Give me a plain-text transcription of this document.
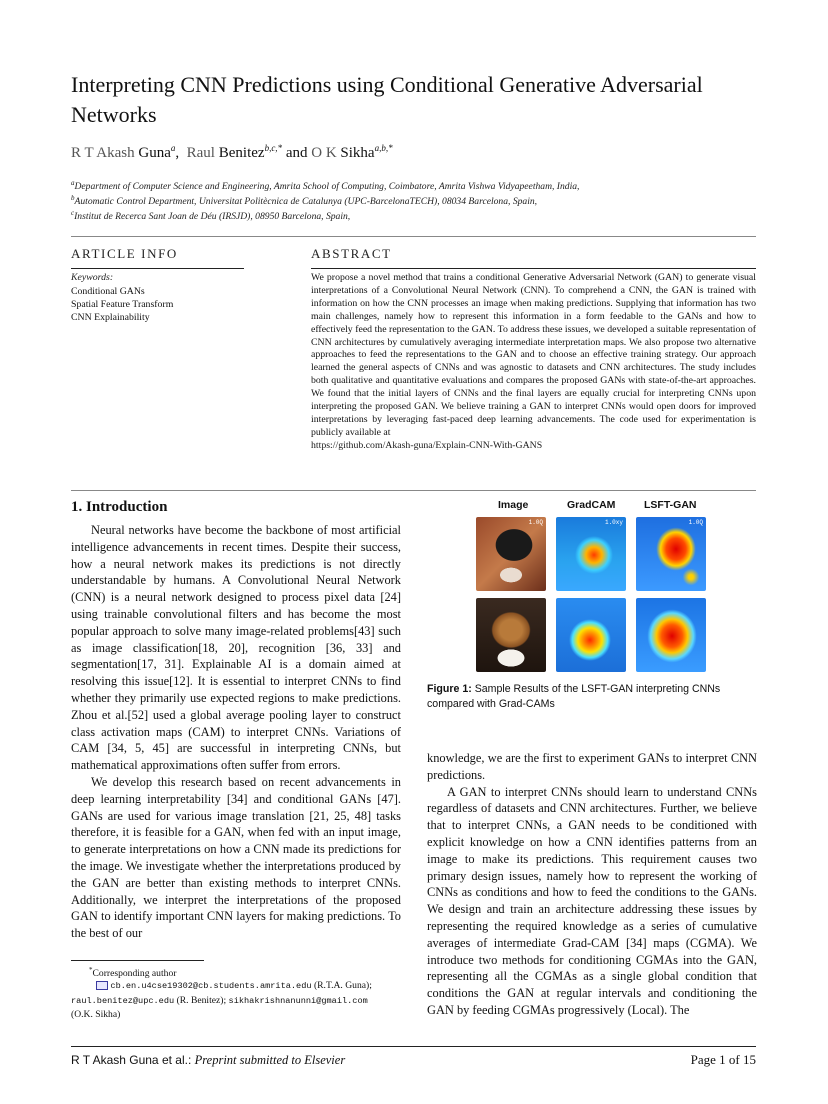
Interpreting CNN Predictions using Conditional Generative Adversarial Networks
R T Akash Guna$^a$,  Raul Benitez$^{b,c,*}$ and O K Sikha$^{a,b,*}$
$^a$Department of Computer Science and Engineering, Amrita School of Computing, Coimbatore, Amrita Vishwa Vidyapeetham, India,
$^b$Automatic Control Department, Universitat Politècnica de Catalunya (UPC-BarcelonaTECH), 08034 Barcelona, Spain,
$^c$Institut de Recerca Sant Joan de Déu (IRSJD), 08950 Barcelona, Spain,
ARTICLE INFO
Keywords:
Conditional GANs
Spatial Feature Transform
CNN Explainability
ABSTRACT
We propose a novel method that trains a conditional Generative Adversarial Network (GAN) to generate visual interpretations of a Convolutional Neural Network (CNN). To comprehend a CNN, the GAN is trained with information on how the CNN processes an image when making predictions. Supplying that information has two main challenges, namely how to represent this information in a form feedable to the GANs and how to effectively feed the representation to the GAN. To address these issues, we developed a suitable representation of CNN architectures by cumulatively averaging intermediate interpretation maps. We also propose two alternative approaches to feed the representations to the GAN and to choose an effective training strategy. Our approach learned the general aspects of CNNs and was agnostic to datasets and CNN architectures. The study includes both qualitative and quantitative evaluations and compares the proposed GANs with state-of-the-art approaches. We found that the initial layers of CNNs and the final layers are equally crucial for interpreting CNNs upon interpreting the proposed GAN. We believe training a GAN to interpret CNNs would open doors for improved interpretations by leveraging fast-paced deep learning advancements. The code used for experimentation is publicly available at
https://github.com/Akash-guna/Explain-CNN-With-GANS
1. Introduction

Neural networks have become the backbone of most artificial intelligence advancements in recent times. Despite their success, how a neural network makes its predictions is not directly understandable by humans. A Convolutional Neural Network (CNN) is a neural network designed to process pixel data [24] using trainable convolutional filters and has become the most popular approach to solve many image-related problems[43] such as image classification[18, 20], recognition [36, 33] and segmentation[17, 31]. Explainable AI is a domain aimed at resolving this issue[12]. It is essential to interpret CNNs to find whether they primarily use expected regions to make predictions. Zhou et al.[52] used a global average pooling layer to construct class activation maps (CAM) to interpret CNNs. Variations of CAM [34, 5, 45] are successful in interpreting CNNs, but mathematical approximations often suffer from errors.

We develop this research based on recent advancements in deep learning interpretability [34] and conditional GANs [47]. GANs are used for various image translation [21, 25, 48] tasks therefore, it is feasible for a GAN, when fed with an input image, to generate interpretations on how a CNN made its predictions for the image. We investigate whether the interpretations produced by the GAN are better than existing methods to interpret CNNs. Additionally, we interpret the interpretations of the proposed GAN to identify important CNN layers for making predictions. To the best of our

Image	GradCAM	LSFT-GAN
1.0Q	1.0xy	1.0Q
Figure 1: Sample Results of the LSFT-GAN interpreting CNNs compared with Grad-CAMs

knowledge, we are the first to experiment GANs to interpret CNN predictions.

A GAN to interpret CNNs should learn to understand CNNs regardless of datasets and CNN architectures. Further, we believe that to interpret CNNs, a GAN needs to be conditioned with explicit knowledge on how a CNN identifies patterns from an image to make its predictions. This requirement causes two primary design issues, namely how to represent the working of CNNs as conditions and how to feed the conditions to the GANs. We design and train an architecture addressing these issues by representing the required knowledge as a series of cumulative averages of intermediate Grad-CAM [34] maps (CGMA). We introduce two methods for conditioning CGMAs into the GAN, representing all the CGMAs as a single global condition that conditions the GAN at regular intervals and conditioning the GAN by feeding CGMAs progressively (Local). The

*Corresponding author
cb.en.u4cse19302@cb.students.amrita.edu (R.T.A. Guna);
raul.benitez@upc.edu (R. Benitez); sikhakrishnanunni@gmail.com (O.K. Sikha)
R T Akash Guna et al.: Preprint submitted to Elsevier	Page 1 of 15
